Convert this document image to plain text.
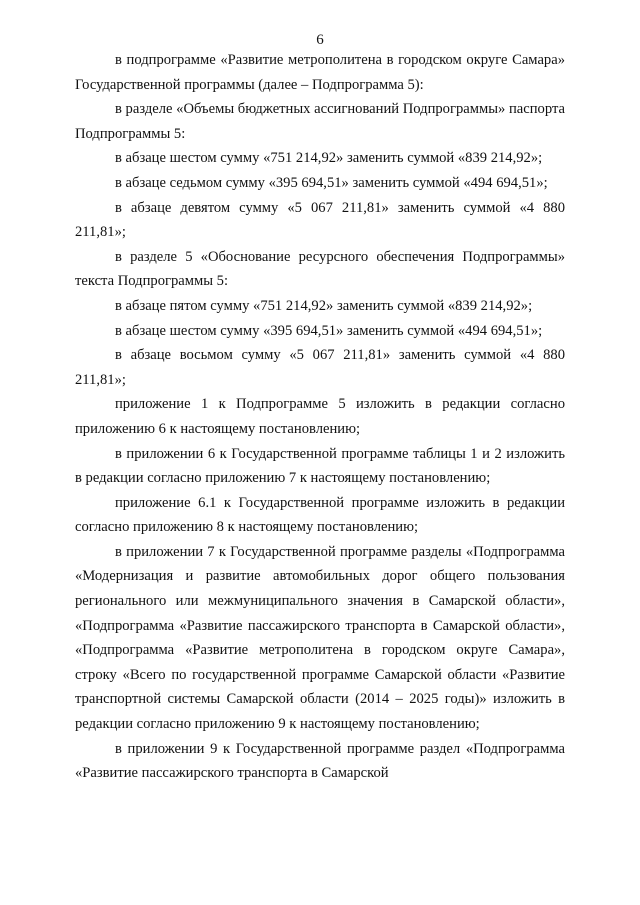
6

в подпрограмме «Развитие метрополитена в городском округе Самара» Государственной программы (далее – Подпрограмма 5):

в разделе «Объемы бюджетных ассигнований Подпрограммы» паспорта Подпрограммы 5:

в абзаце шестом сумму «751 214,92» заменить суммой «839 214,92»;

в абзаце седьмом сумму «395 694,51» заменить суммой «494 694,51»;

в абзаце девятом сумму «5 067 211,81» заменить суммой «4 880 211,81»;

в разделе 5 «Обоснование ресурсного обеспечения Подпрограммы» текста Подпрограммы 5:

в абзаце пятом сумму «751 214,92» заменить суммой «839 214,92»;

в абзаце шестом сумму «395 694,51» заменить суммой «494 694,51»;

в абзаце восьмом сумму «5 067 211,81» заменить суммой «4 880 211,81»;

приложение 1 к Подпрограмме 5 изложить в редакции согласно приложению 6 к настоящему постановлению;

в приложении 6 к Государственной программе таблицы 1 и 2 изложить в редакции согласно приложению 7 к настоящему постановлению;

приложение 6.1 к Государственной программе изложить в редакции согласно приложению 8 к настоящему постановлению;

в приложении 7 к Государственной программе разделы «Подпрограмма «Модернизация и развитие автомобильных дорог общего пользования регионального или межмуниципального значения в Самарской области», «Подпрограмма «Развитие пассажирского транспорта в Самарской области», «Подпрограмма «Развитие метрополитена в городском округе Самара», строку «Всего по государственной программе Самарской области «Развитие транспортной системы Самарской области (2014 – 2025 годы)» изложить в редакции согласно приложению 9 к настоящему постановлению;

в приложении 9 к Государственной программе раздел «Подпрограмма «Развитие пассажирского транспорта в Самарской
